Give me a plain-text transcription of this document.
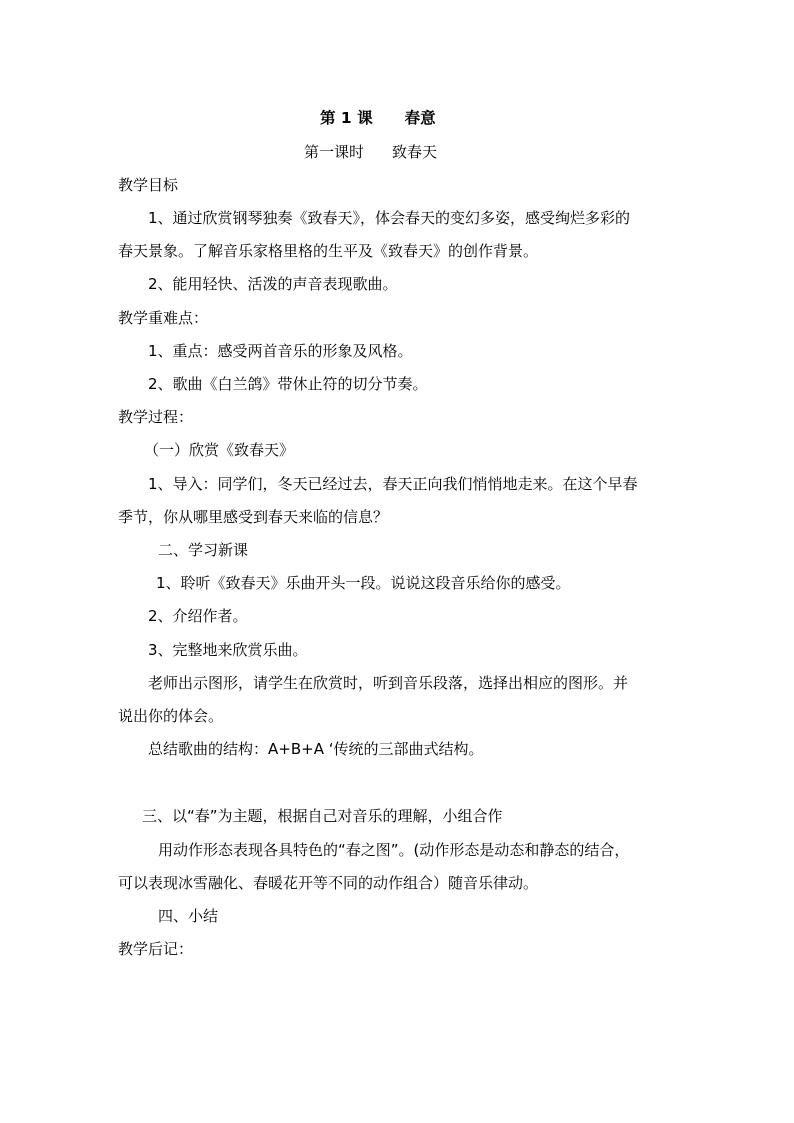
第 1 课 春意
第一课时 致春天
教学目标
1、通过欣赏钢琴独奏《致春天》，体会春天的变幻多姿，感受绚烂多彩的
春天景象。了解音乐家格里格的生平及《致春天》的创作背景。
2、能用轻快、活泼的声音表现歌曲。
教学重难点：
1、重点：感受两首音乐的形象及风格。
2、歌曲《白兰鸽》带休止符的切分节奏。
教学过程：
（一）欣赏《致春天》
1、导入：同学们，冬天已经过去，春天正向我们悄悄地走来。在这个早春
季节，你从哪里感受到春天来临的信息？
二、学习新课
1、聆听《致春天》乐曲开头一段。说说这段音乐给你的感受。
2、介绍作者。
3、完整地来欣赏乐曲。
老师出示图形，请学生在欣赏时，听到音乐段落，选择出相应的图形。并
说出你的体会。
总结歌曲的结构：A+B+A ‘传统的三部曲式结构。
三、以“春”为主题，根据自己对音乐的理解，小组合作
用动作形态表现各具特色的“春之图”。(动作形态是动态和静态的结合，
可以表现冰雪融化、春暖花开等不同的动作组合）随音乐律动。
四、小结
教学后记：
